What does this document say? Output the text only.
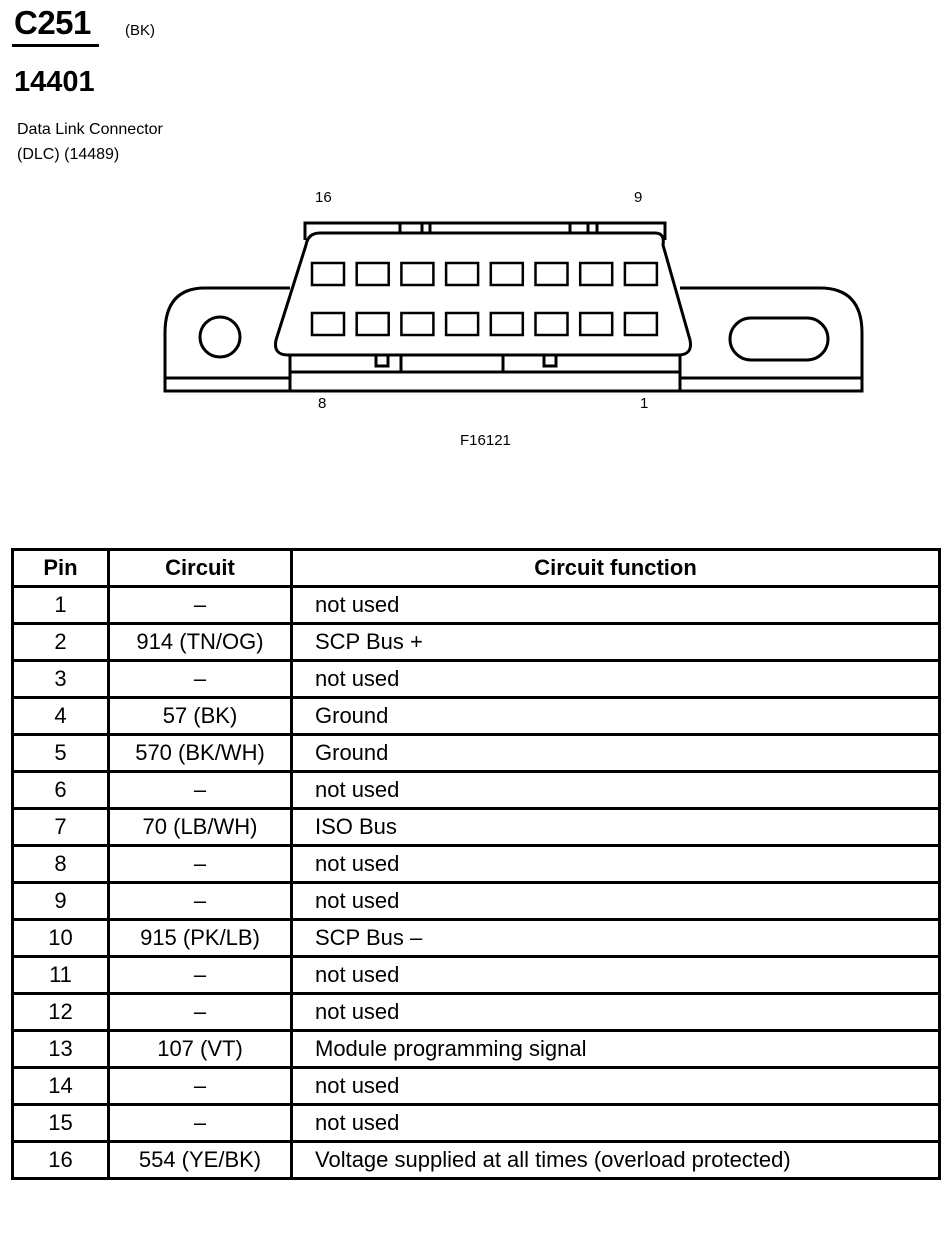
C251 (BK)
14401
Data Link Connector
(DLC) (14489)
16	9
8	1
F16121
Pin	Circuit	Circuit function
1	–	not used
2	914 (TN/OG)	SCP Bus +
3	–	not used
4	57 (BK)	Ground
5	570 (BK/WH)	Ground
6	–	not used
7	70 (LB/WH)	ISO Bus
8	–	not used
9	–	not used
10	915 (PK/LB)	SCP Bus –
11	–	not used
12	–	not used
13	107 (VT)	Module programming signal
14	–	not used
15	–	not used
16	554 (YE/BK)	Voltage supplied at all times (overload protected)
